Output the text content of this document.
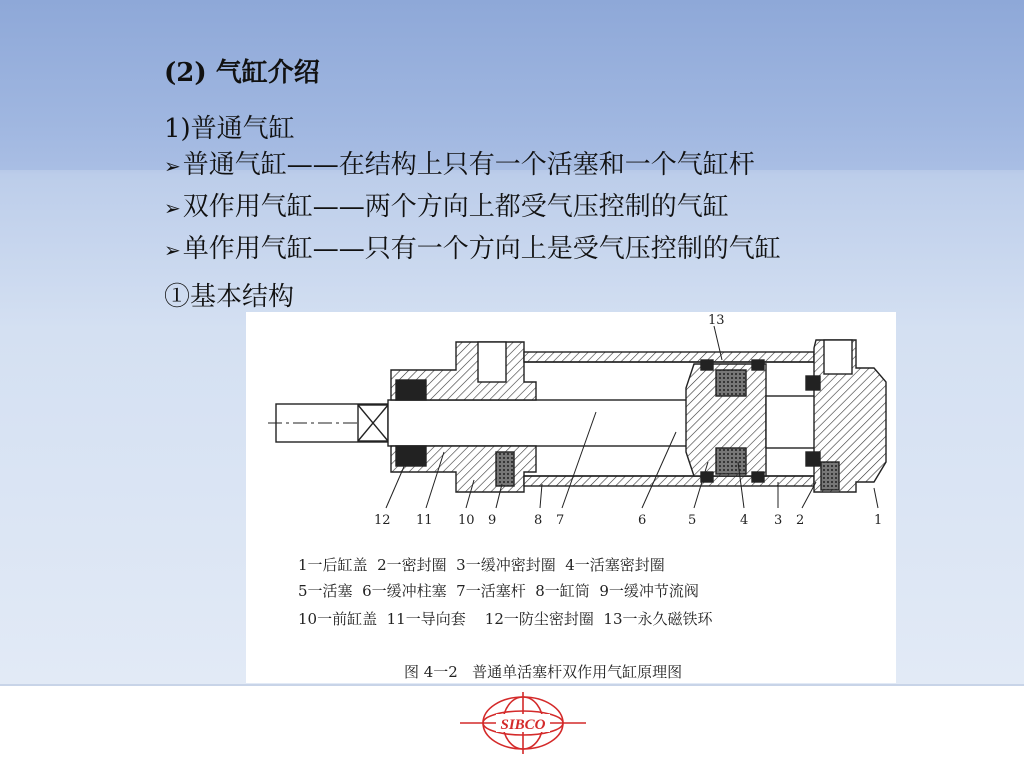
(2) 气缸介绍
1)普通气缸
➢普通气缸——在结构上只有一个活塞和一个气缸杆
➢双作用气缸——两个方向上都受气压控制的气缸
➢单作用气缸——只有一个方向上是受气压控制的气缸
①基本结构
13
12 11 10 9	8 7	6	5	4 3 2	1
1一后缸盖  2一密封圈  3一缓冲密封圈  4一活塞密封圈
5一活塞  6一缓冲柱塞  7一活塞杆  8一缸筒  9一缓冲节流阀
10一前缸盖  11一导向套    12一防尘密封圈  13一永久磁铁环
图 4一2   普通单活塞杆双作用气缸原理图
SIBCO
